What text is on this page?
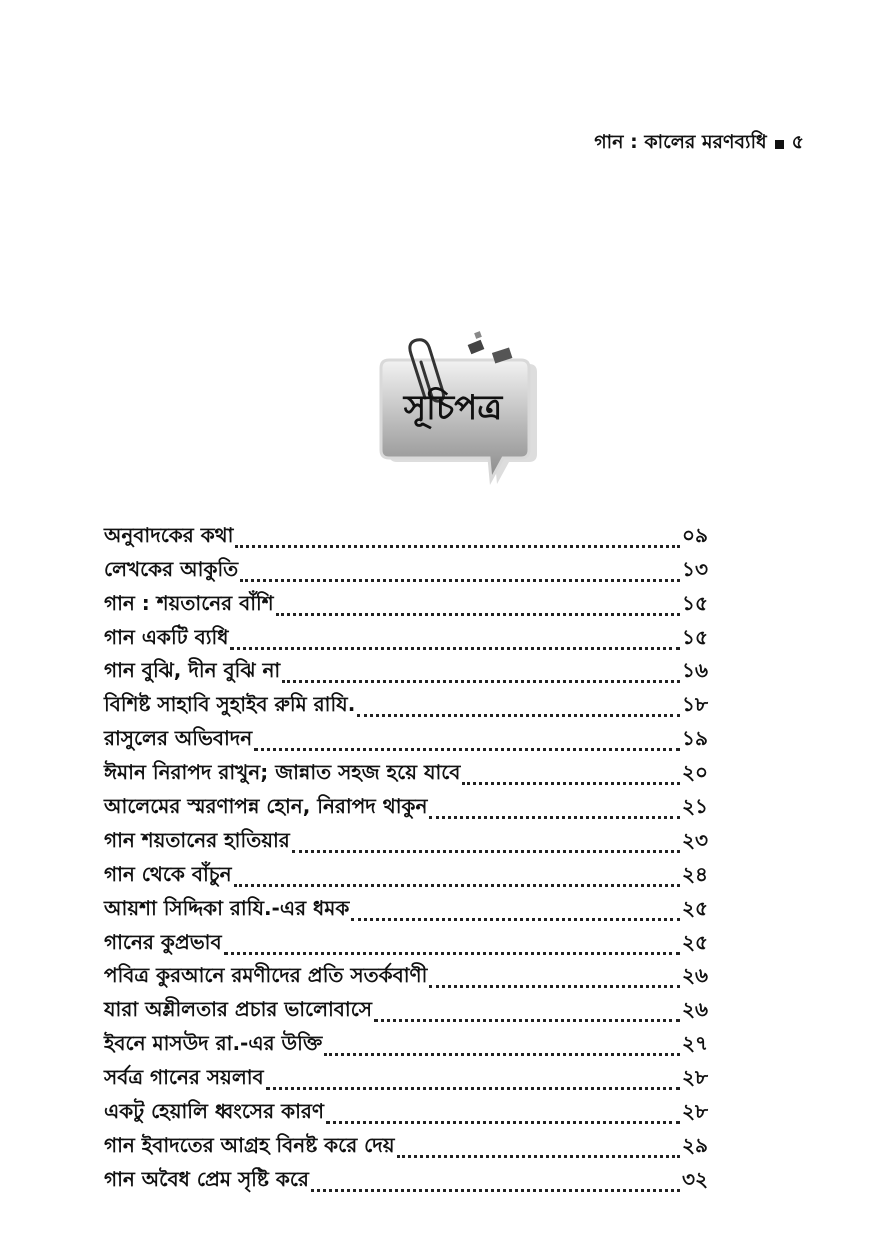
গান : কালের মরণব্যধি ৫
সূচিপত্র
অনুবাদকের কথা	০৯
লেখকের আকুতি	১৩
গান : শয়তানের বাঁশি	১৫
গান একটি ব্যধি	১৫
গান বুঝি, দীন বুঝি না	১৬
বিশিষ্ট সাহাবি সুহাইব রুমি রাযি.	১৮
রাসুলের অভিবাদন	১৯
ঈমান নিরাপদ রাখুন; জান্নাত সহজ হয়ে যাবে	২০
আলেমের স্মরণাপন্ন হোন, নিরাপদ থাকুন	২১
গান শয়তানের হাতিয়ার	২৩
গান থেকে বাঁচুন	২৪
আয়শা সিদ্দিকা রাযি.-এর ধমক	২৫
গানের কুপ্রভাব	২৫
পবিত্র কুরআনে রমণীদের প্রতি সতর্কবাণী	২৬
যারা অশ্লীলতার প্রচার ভালোবাসে	২৬
ইবনে মাসউদ রা.-এর উক্তি	২৭
সর্বত্র গানের সয়লাব	২৮
একটু হেয়ালি ধ্বংসের কারণ	২৮
গান ইবাদতের আগ্রহ বিনষ্ট করে দেয়	২৯
গান অবৈধ প্রেম সৃষ্টি করে	৩২
